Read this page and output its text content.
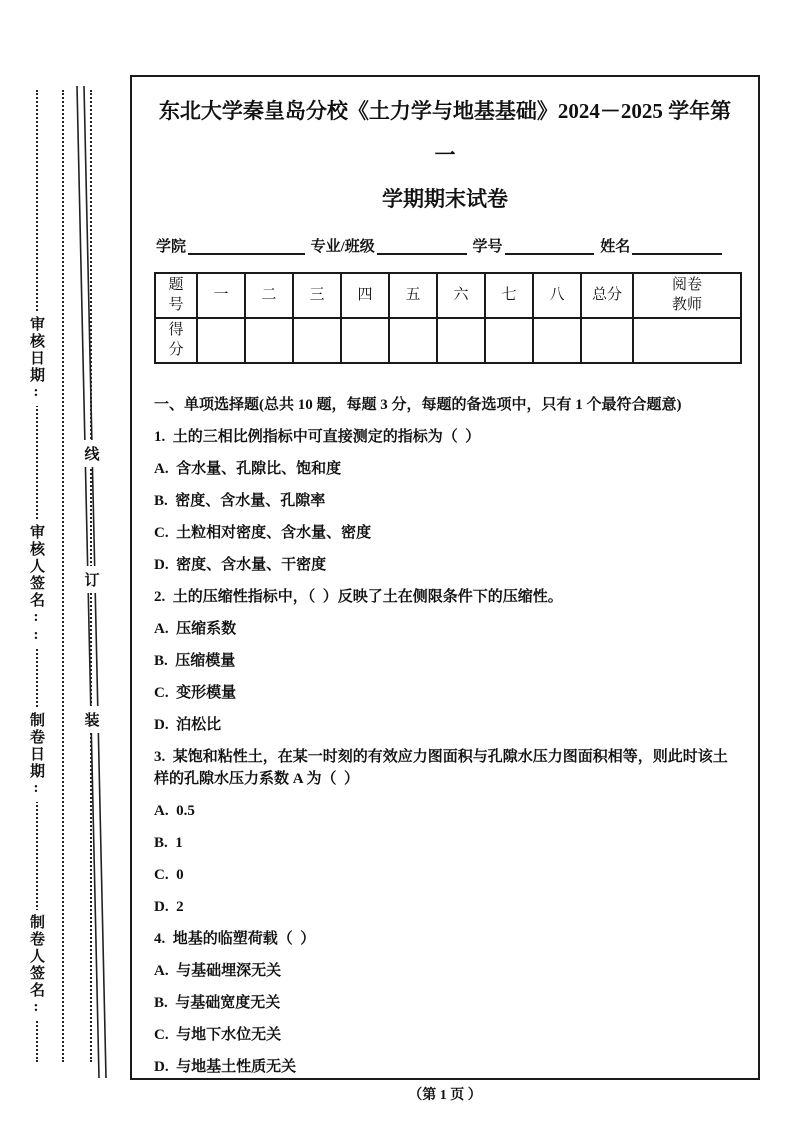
审核日期:
审核人签名::
制卷日期:
制卷人签名:
线
订
装
东北大学秦皇岛分校《土力学与地基基础》2024－2025 学年第一
学期期末试卷
学院	专业/班级	学号	姓名
题号	一	二	三	四	五	六	七	八	总分	阅卷教师
得分										

一、单项选择题(总共 10 题，每题 3 分，每题的备选项中，只有 1 个最符合题意)

1.  土的三相比例指标中可直接测定的指标为（  ）

A.  含水量、孔隙比、饱和度

B.  密度、含水量、孔隙率

C.  土粒相对密度、含水量、密度

D.  密度、含水量、干密度

2.  土的压缩性指标中，（  ）反映了土在侧限条件下的压缩性。

A.  压缩系数

B.  压缩模量

C.  变形模量

D.  泊松比

3.  某饱和粘性土，在某一时刻的有效应力图面积与孔隙水压力图面积相等，则此时该土样的孔隙水压力系数 A 为（  ）

A.  0.5

B.  1

C.  0

D.  2

4.  地基的临塑荷载（  ）

A.  与基础埋深无关

B.  与基础宽度无关

C.  与地下水位无关

D.  与地基土性质无关

（第 1 页 ）
